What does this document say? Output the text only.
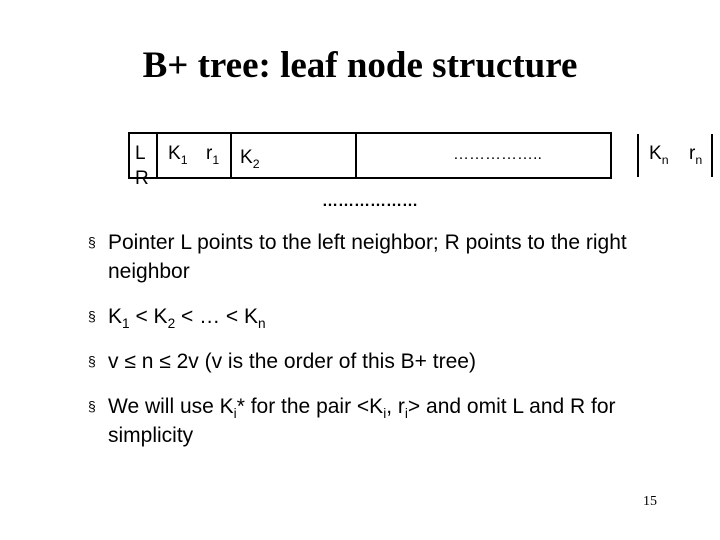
B+ tree: leaf node structure
L $K_1$ $r_1$	$K_2$
……………..	$K_n$ $r_n$
R
………………
§ Pointer L points to the left neighbor; R points to the right neighbor
§ $K_1 < K_2$ < … < $K_n$
§ v ≤ n ≤ 2v (v is the order of this B+ tree)
§ We will use $K_i*$ for the pair $<K_i$, $r_i>$ and omit L and R for simplicity
15
